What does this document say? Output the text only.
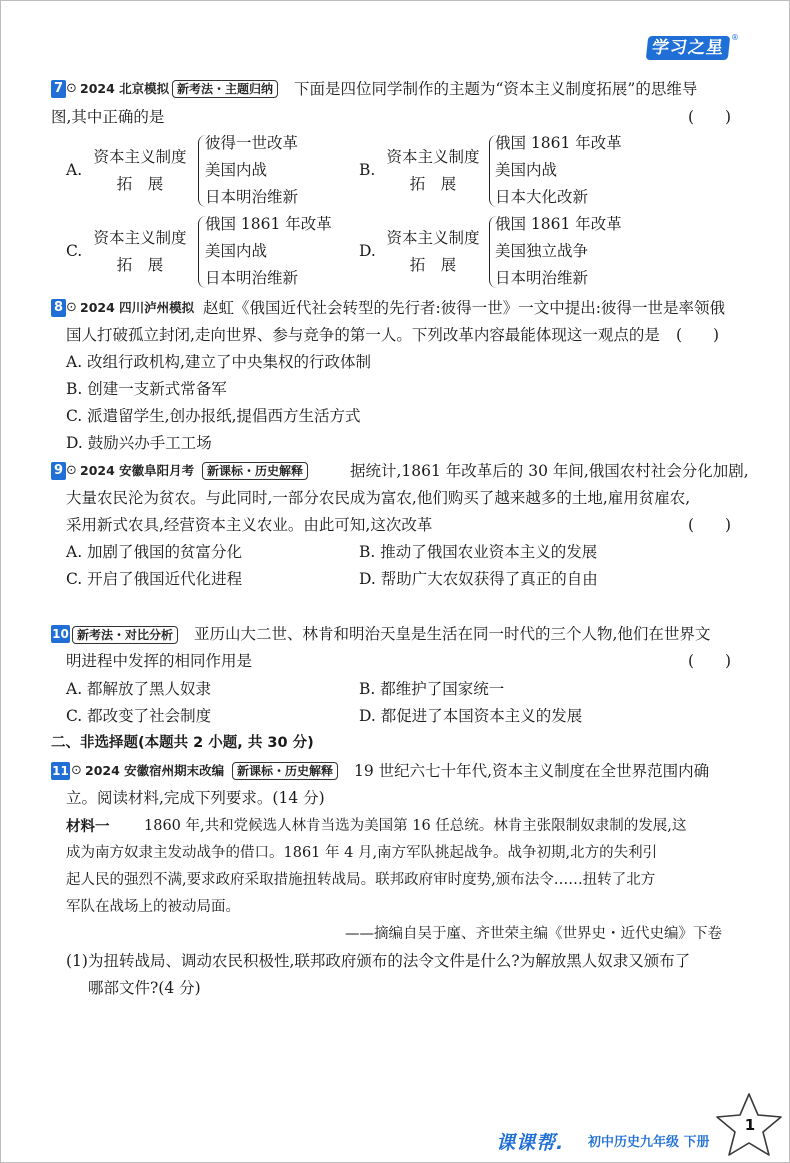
学习之星
®
7 ⊙ 2024 北京模拟 新考法・主题归纳	下面是四位同学制作的主题为“资本主义制度拓展”的思维导
图,其中正确的是	(　　)
A.
资本主义制度
拓　展
彼得一世改革
美国内战
日本明治维新
B.
资本主义制度
拓　展
俄国 1861 年改革
美国内战
日本大化改新
C.
资本主义制度
拓　展
俄国 1861 年改革
美国内战
日本明治维新
D.
资本主义制度
拓　展
俄国 1861 年改革
美国独立战争
日本明治维新
8 ⊙ 2024 四川泸州模拟 赵虹《俄国近代社会转型的先行者:彼得一世》一文中提出:彼得一世是率领俄
国人打破孤立封闭,走向世界、参与竞争的第一人。下列改革内容最能体现这一观点的是 (　　)
A. 改组行政机构,建立了中央集权的行政体制
B. 创建一支新式常备军
C. 派遣留学生,创办报纸,提倡西方生活方式
D. 鼓励兴办手工工场
9 ⊙ 2024 安徽阜阳月考	新课标・历史解释	据统计,1861 年改革后的 30 年间,俄国农村社会分化加剧,
大量农民沦为贫农。与此同时,一部分农民成为富农,他们购买了越来越多的土地,雇用贫雇农,
采用新式农具,经营资本主义农业。由此可知,这次改革	(　　)
A. 加剧了俄国的贫富分化	B. 推动了俄国农业资本主义的发展
C. 开启了俄国近代化进程	D. 帮助广大农奴获得了真正的自由
10 新考法・对比分析	亚历山大二世、林肯和明治天皇是生活在同一时代的三个人物,他们在世界文
明进程中发挥的相同作用是	(　　)
A. 都解放了黑人奴隶	B. 都维护了国家统一
C. 都改变了社会制度	D. 都促进了本国资本主义的发展
二、非选择题(本题共 2 小题, 共 30 分)
11 ⊙ 2024 安徽宿州期末改编	新课标・历史解释	19 世纪六七十年代,资本主义制度在全世界范围内确
立。阅读材料,完成下列要求。(14 分)
材料一 1860 年,共和党候选人林肯当选为美国第 16 任总统。林肯主张限制奴隶制的发展,这
成为南方奴隶主发动战争的借口。1861 年 4 月,南方军队挑起战争。战争初期,北方的失利引
起人民的强烈不满,要求政府采取措施扭转战局。联邦政府审时度势,颁布法令……扭转了北方
军队在战场上的被动局面。
——摘编自吴于廑、齐世荣主编《世界史・近代史编》下卷
(1)为扭转战局、调动农民积极性,联邦政府颁布的法令文件是什么?为解放黑人奴隶又颁布了
哪部文件?(4 分)
课课帮. 初中历史九年级 下册
1
